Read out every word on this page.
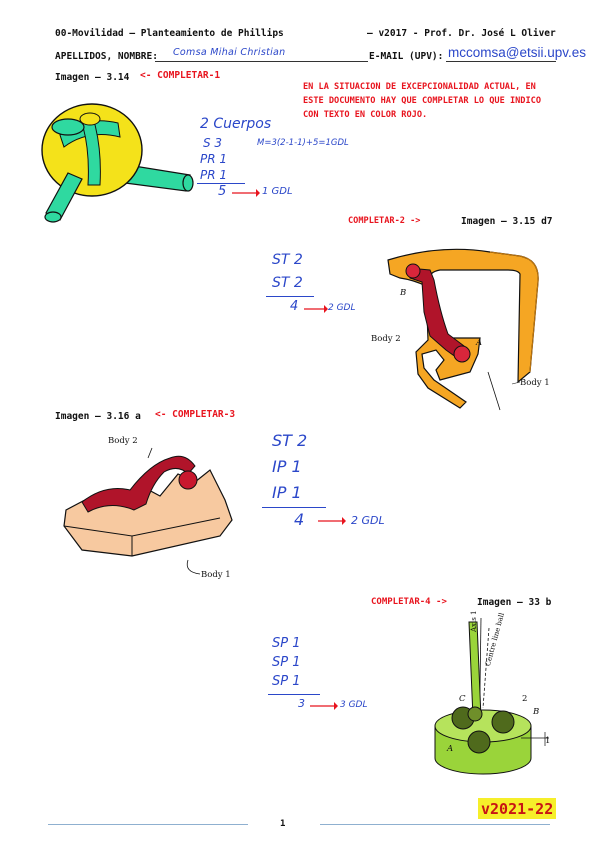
00-Movilidad – Planteamiento de Phillips	– v2017 - Prof. Dr. José L Oliver
APELLIDOS, NOMBRE: Comsa Mihai Christian	E-MAIL (UPV): mccomsa@etsii.upv.es
EN LA SITUACION DE EXCEPCIONALIDAD ACTUAL, EN
ESTE DOCUMENTO HAY QUE COMPLETAR LO QUE INDICO
CON TEXTO EN COLOR ROJO.
Imagen – 3.14 <- COMPLETAR-1
2 Cuerpos
S 3
PR 1
PR 1
5	1 GDL
M=3(2-1-1)+5=1GDL
COMPLETAR-2 ->	Imagen – 3.15 d7
ST 2
ST 2
4	2 GDL
B
Body 2	A
Body 1
Imagen – 3.16 a <- COMPLETAR-3
Body 2
Body 1
ST 2
IP 1
IP 1
4	2 GDL
COMPLETAR-4 ->	Imagen – 33 b
SP 1
SP 1
SP 1
3	3 GDL
Axis 1 Centre line ball
C	2
B
1
A
v2021-22
1
